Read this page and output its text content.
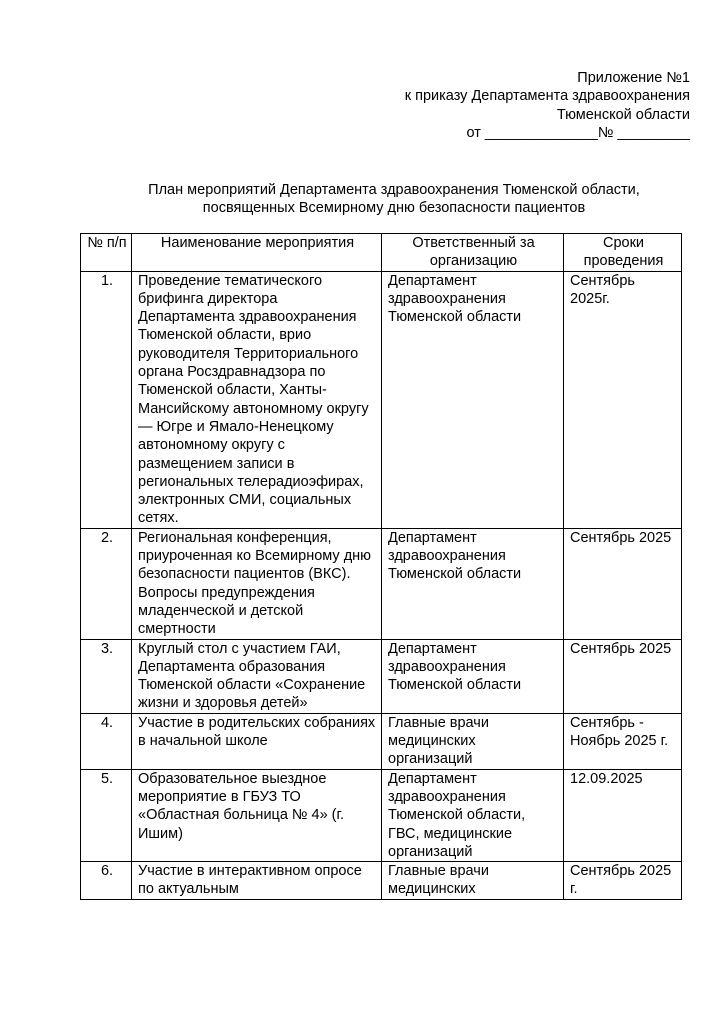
Приложение №1
к приказу Департамента здравоохранения
Тюменской области
от ______________№ _________
План мероприятий Департамента здравоохранения Тюменской области,
посвященных Всемирному дню безопасности пациентов
№ п/п	Наименование мероприятия	Ответственный за организацию	Сроки проведения
1.	Проведение тематического брифинга директора Департамента здравоохранения Тюменской области, врио руководителя Территориального органа Росздравнадзора по Тюменской области, Ханты-Мансийскому автономному округу — Югре и Ямало-Ненецкому автономному округу с размещением записи в региональных телерадиоэфирах, электронных СМИ, социальных сетях.	Департамент здравоохранения Тюменской области	Сентябрь 2025г.
2.	Региональная конференция, приуроченная ко Всемирному дню безопасности пациентов (ВКС). Вопросы предупреждения младенческой и детской смертности	Департамент здравоохранения Тюменской области	Сентябрь 2025
3.	Круглый стол с участием ГАИ, Департамента образования Тюменской области «Сохранение жизни и здоровья детей»	Департамент здравоохранения Тюменской области	Сентябрь 2025
4.	Участие в родительских собраниях в начальной школе	Главные врачи медицинских организаций	Сентябрь - Ноябрь 2025 г.
5.	Образовательное выездное мероприятие в ГБУЗ ТО «Областная больница № 4» (г. Ишим)	Департамент здравоохранения Тюменской области, ГВС, медицинские организаций	12.09.2025
6.	Участие в интерактивном опросе по актуальным	Главные врачи медицинских	Сентябрь 2025 г.
